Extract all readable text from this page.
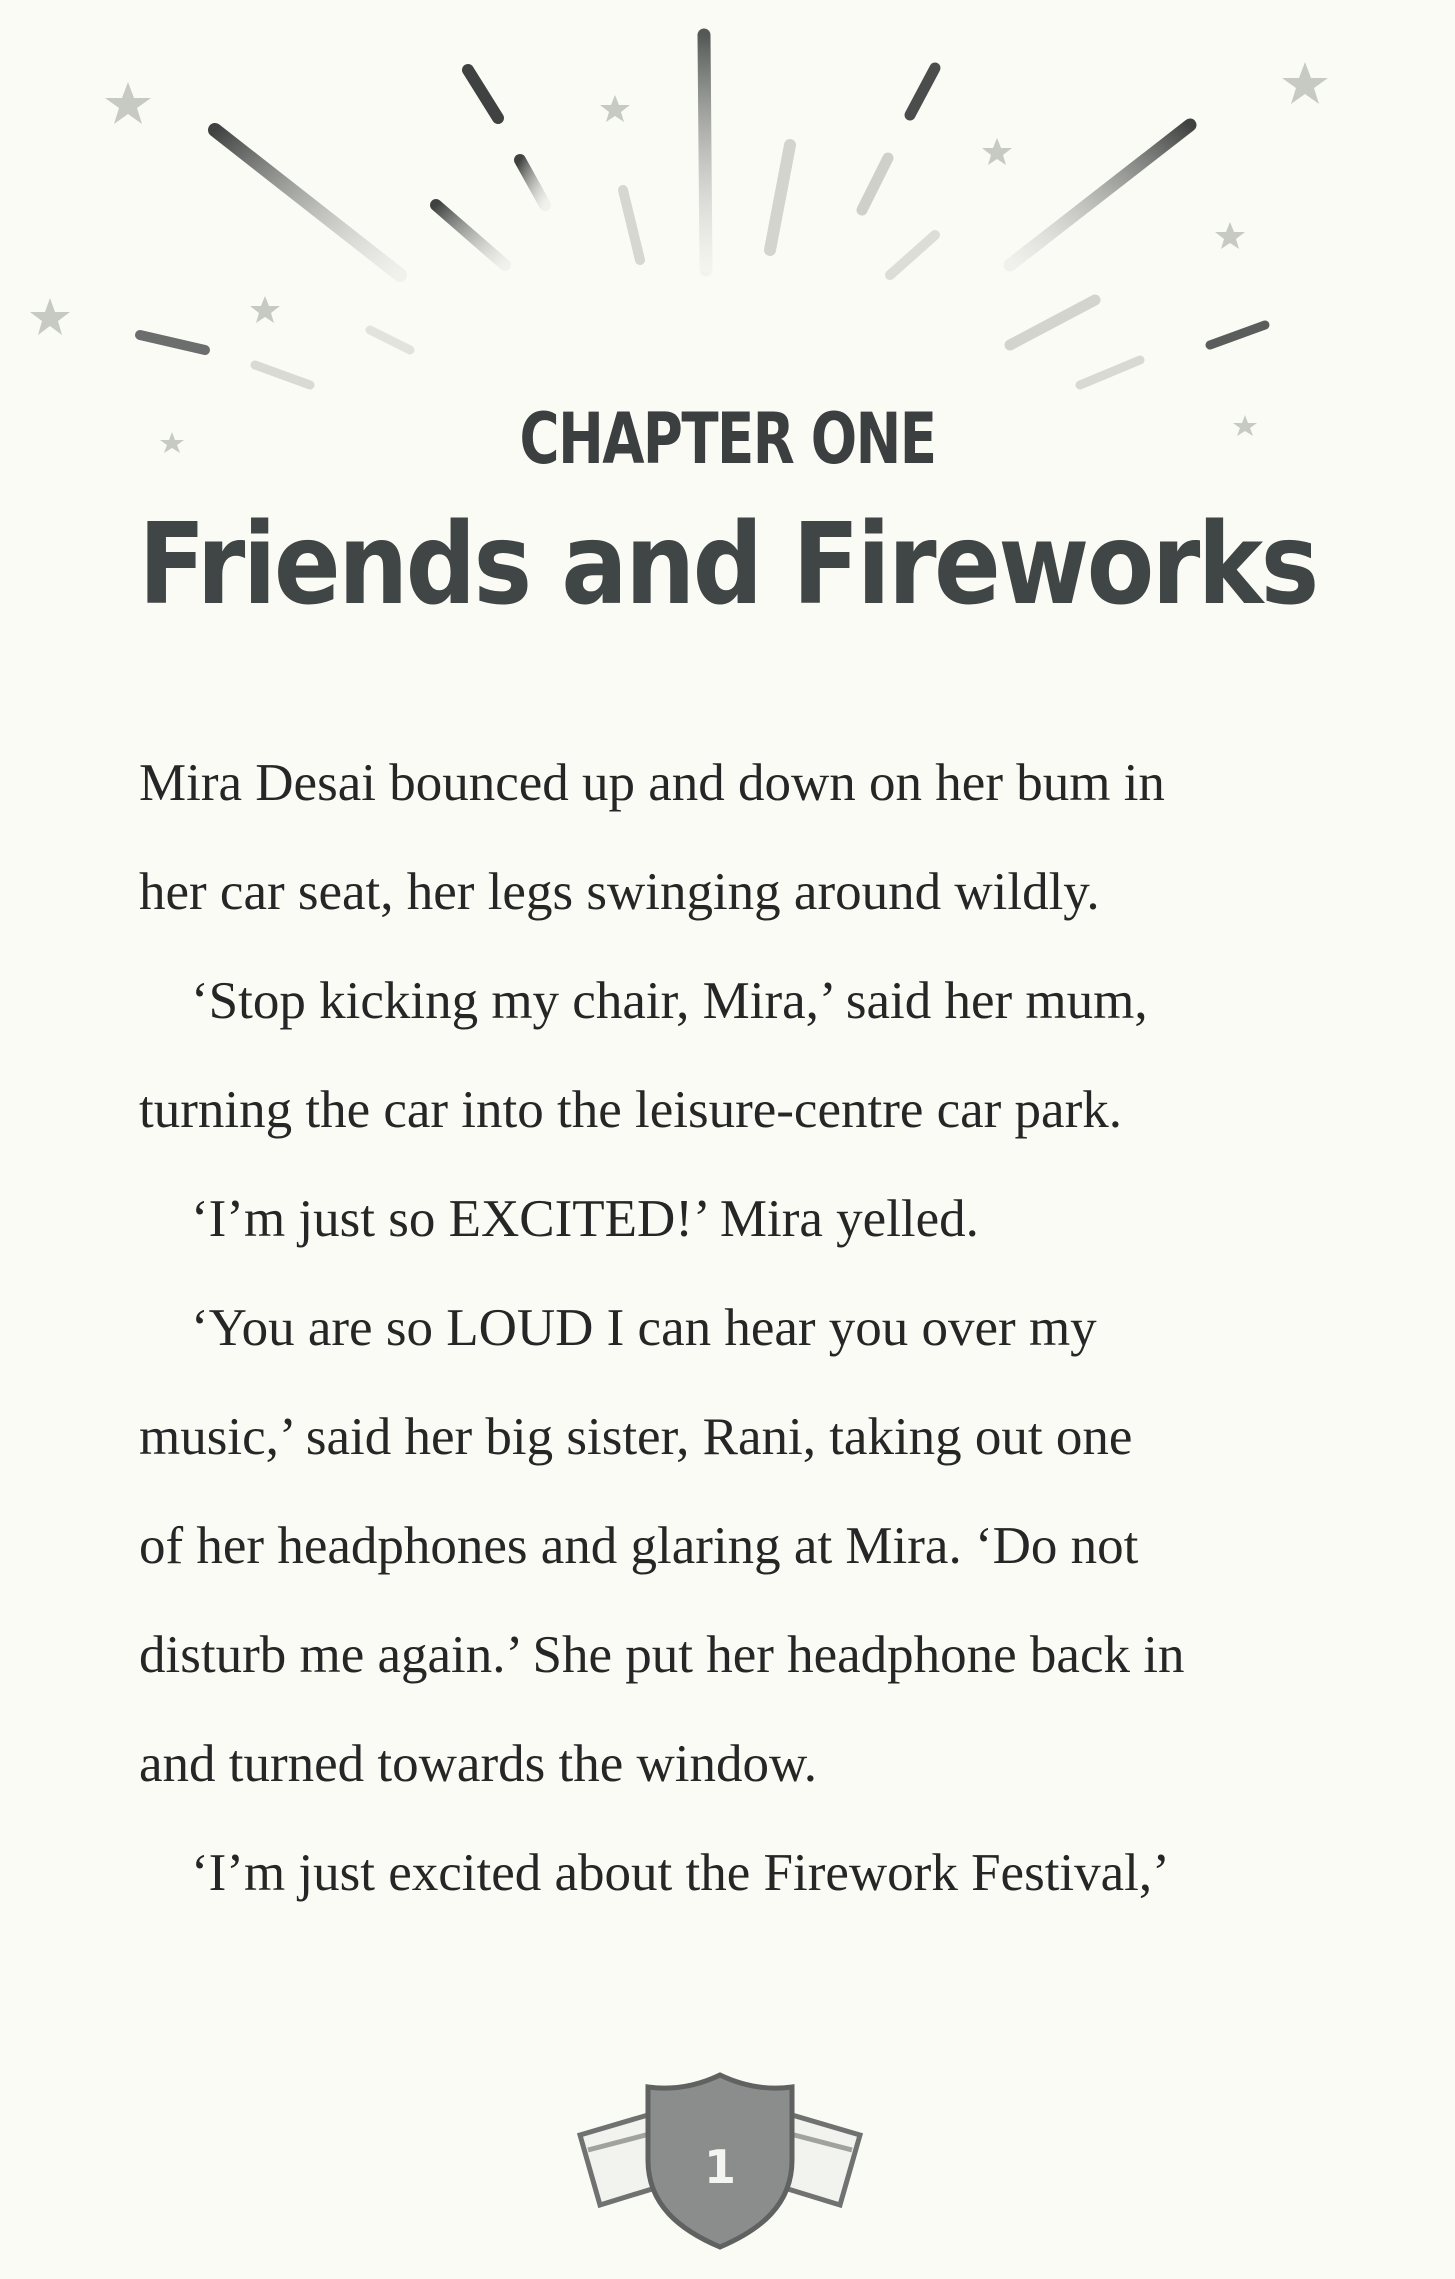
CHAPTER ONE
Friends and Fireworks
Mira Desai bounced up and down on her bum in
her car seat, her legs swinging around wildly.
‘Stop kicking my chair, Mira,’ said her mum,
turning the car into the leisure-centre car park.
‘I’m just so EXCITED!’ Mira yelled.
‘You are so LOUD I can hear you over my
music,’ said her big sister, Rani, taking out one
of her headphones and glaring at Mira. ‘Do not
disturb me again.’ She put her headphone back in
and turned towards the window.
‘I’m just excited about the Firework Festival,’
1
